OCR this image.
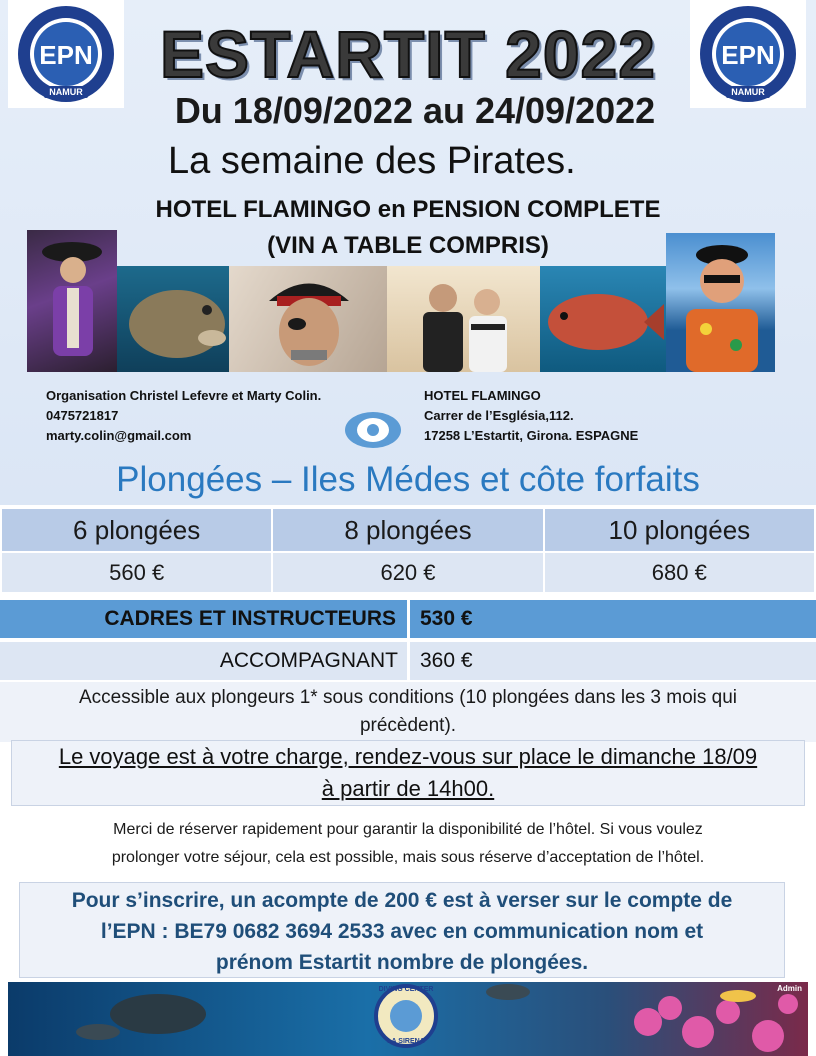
EPN
NAMUR
EPN
NAMUR
ESTARTIT 2022
Du 18/09/2022 au 24/09/2022
La semaine des Pirates.
HOTEL FLAMINGO en PENSION COMPLETE
(VIN A TABLE COMPRIS)
Organisation Christel Lefevre et Marty Colin.
0475721817
marty.colin@gmail.com
HOTEL FLAMINGO
Carrer de l’Església,112.
17258 L’Estartit, Girona. ESPAGNE
Plongées – Iles Médes et côte forfaits
6 plongées	8 plongées	10 plongées
560 €	620 €	680 €
CADRES ET INSTRUCTEURS	530 €
ACCOMPAGNANT 360 €
Accessible aux plongeurs 1* sous conditions (10 plongées dans les 3 mois qui
précèdent).
Le voyage est à votre charge, rendez-vous sur place le dimanche 18/09
à partir de 14h00.
Merci de réserver rapidement pour garantir la disponibilité de l’hôtel. Si vous voulez
prolonger votre séjour, cela est possible, mais sous réserve d’acceptation de l’hôtel.
Pour s’inscrire, un acompte de 200 € est à verser sur le compte de
l’EPN : BE79 0682 3694 2533 avec en communication nom et
prénom Estartit nombre de plongées.
DIVING CENTER
LA SIRENA
Admin
